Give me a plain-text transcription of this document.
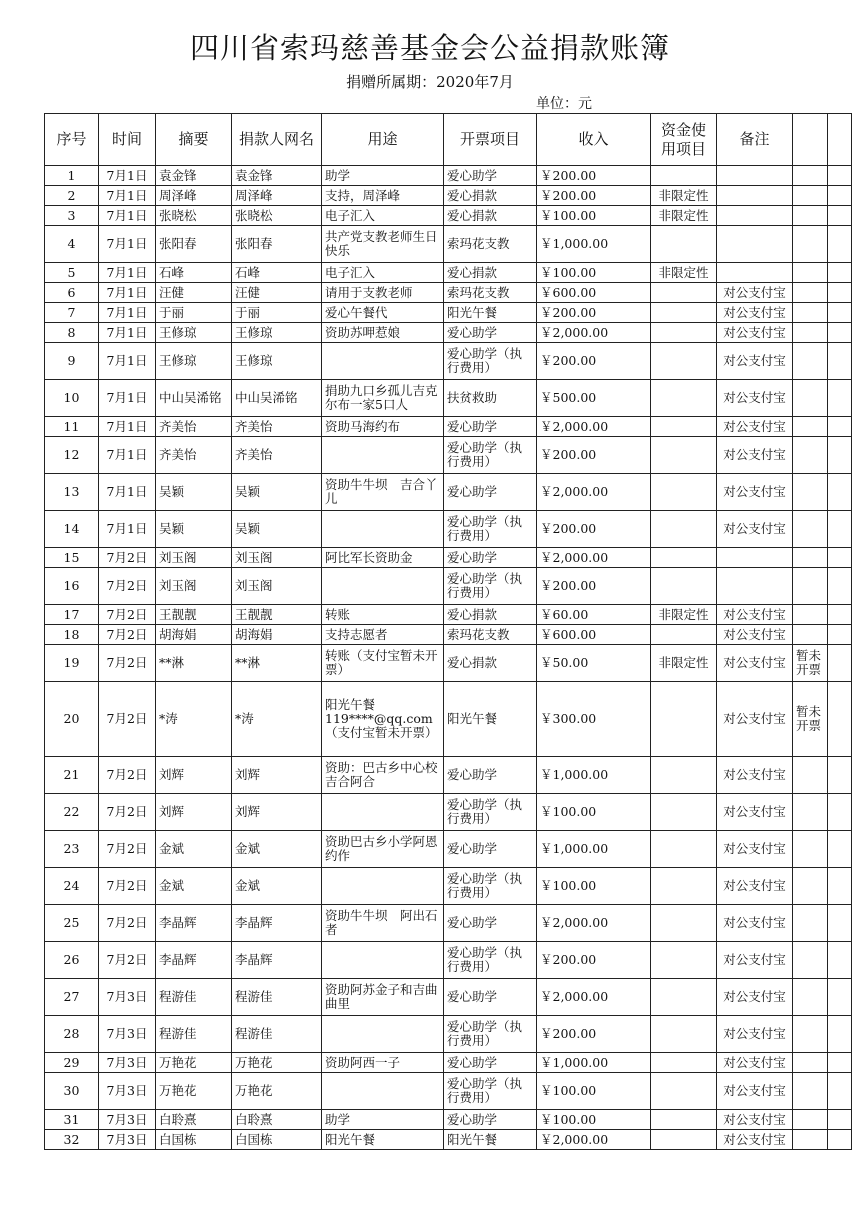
四川省索玛慈善基金会公益捐款账簿
捐赠所属期：2020年7月
单位：元
序号	时间	摘要	捐款人网名	用途	开票项目	收入	资金使用项目	备注		
1	7月1日	袁金锋	袁金锋	助学	爱心助学	￥200.00				
2	7月1日	周泽峰	周泽峰	支持，周泽峰	爱心捐款	￥200.00	非限定性			
3	7月1日	张晓松	张晓松	电子汇入	爱心捐款	￥100.00	非限定性			
4	7月1日	张阳春	张阳春	共产党支教老师生日快乐	索玛花支教	￥1,000.00				
5	7月1日	石峰	石峰	电子汇入	爱心捐款	￥100.00	非限定性			
6	7月1日	汪健	汪健	请用于支教老师	索玛花支教	￥600.00		对公支付宝		
7	7月1日	于丽	于丽	爱心午餐代	阳光午餐	￥200.00		对公支付宝		
8	7月1日	王修琼	王修琼	资助苏呷惹娘	爱心助学	￥2,000.00		对公支付宝		
9	7月1日	王修琼	王修琼		爱心助学（执行费用）	￥200.00		对公支付宝		
10	7月1日	中山吴浠铭	中山吴浠铭	捐助九口乡孤儿吉克尔布一家5口人	扶贫救助	￥500.00		对公支付宝		
11	7月1日	齐美怡	齐美怡	资助马海约布	爱心助学	￥2,000.00		对公支付宝		
12	7月1日	齐美怡	齐美怡		爱心助学（执行费用）	￥200.00		对公支付宝		
13	7月1日	吴颖	吴颖	资助牛牛坝　吉合丫儿	爱心助学	￥2,000.00		对公支付宝		
14	7月1日	吴颖	吴颖		爱心助学（执行费用）	￥200.00		对公支付宝		
15	7月2日	刘玉阁	刘玉阁	阿比军长资助金	爱心助学	￥2,000.00				
16	7月2日	刘玉阁	刘玉阁		爱心助学（执行费用）	￥200.00				
17	7月2日	王靓靓	王靓靓	转账	爱心捐款	￥60.00	非限定性	对公支付宝		
18	7月2日	胡海娟	胡海娟	支持志愿者	索玛花支教	￥600.00		对公支付宝		
19	7月2日	**淋	**淋	转账（支付宝暂未开票）	爱心捐款	￥50.00	非限定性	对公支付宝	暂未开票	
20	7月2日	*涛	*涛	阳光午餐119****@qq.com（支付宝暂未开票）	阳光午餐	￥300.00		对公支付宝	暂未开票	
21	7月2日	刘辉	刘辉	资助：巴古乡中心校　吉合阿合	爱心助学	￥1,000.00		对公支付宝		
22	7月2日	刘辉	刘辉		爱心助学（执行费用）	￥100.00		对公支付宝		
23	7月2日	金斌	金斌	资助巴古乡小学阿恩约作	爱心助学	￥1,000.00		对公支付宝		
24	7月2日	金斌	金斌		爱心助学（执行费用）	￥100.00		对公支付宝		
25	7月2日	李晶辉	李晶辉	资助牛牛坝　阿出石者	爱心助学	￥2,000.00		对公支付宝		
26	7月2日	李晶辉	李晶辉		爱心助学（执行费用）	￥200.00		对公支付宝		
27	7月3日	程游佳	程游佳	资助阿苏金子和吉曲曲里	爱心助学	￥2,000.00		对公支付宝		
28	7月3日	程游佳	程游佳		爱心助学（执行费用）	￥200.00		对公支付宝		
29	7月3日	万艳花	万艳花	资助阿西一子	爱心助学	￥1,000.00		对公支付宝		
30	7月3日	万艳花	万艳花		爱心助学（执行费用）	￥100.00		对公支付宝		
31	7月3日	白聆熹	白聆熹	助学	爱心助学	￥100.00		对公支付宝		
32	7月3日	白国栋	白国栋	阳光午餐	阳光午餐	￥2,000.00		对公支付宝		
